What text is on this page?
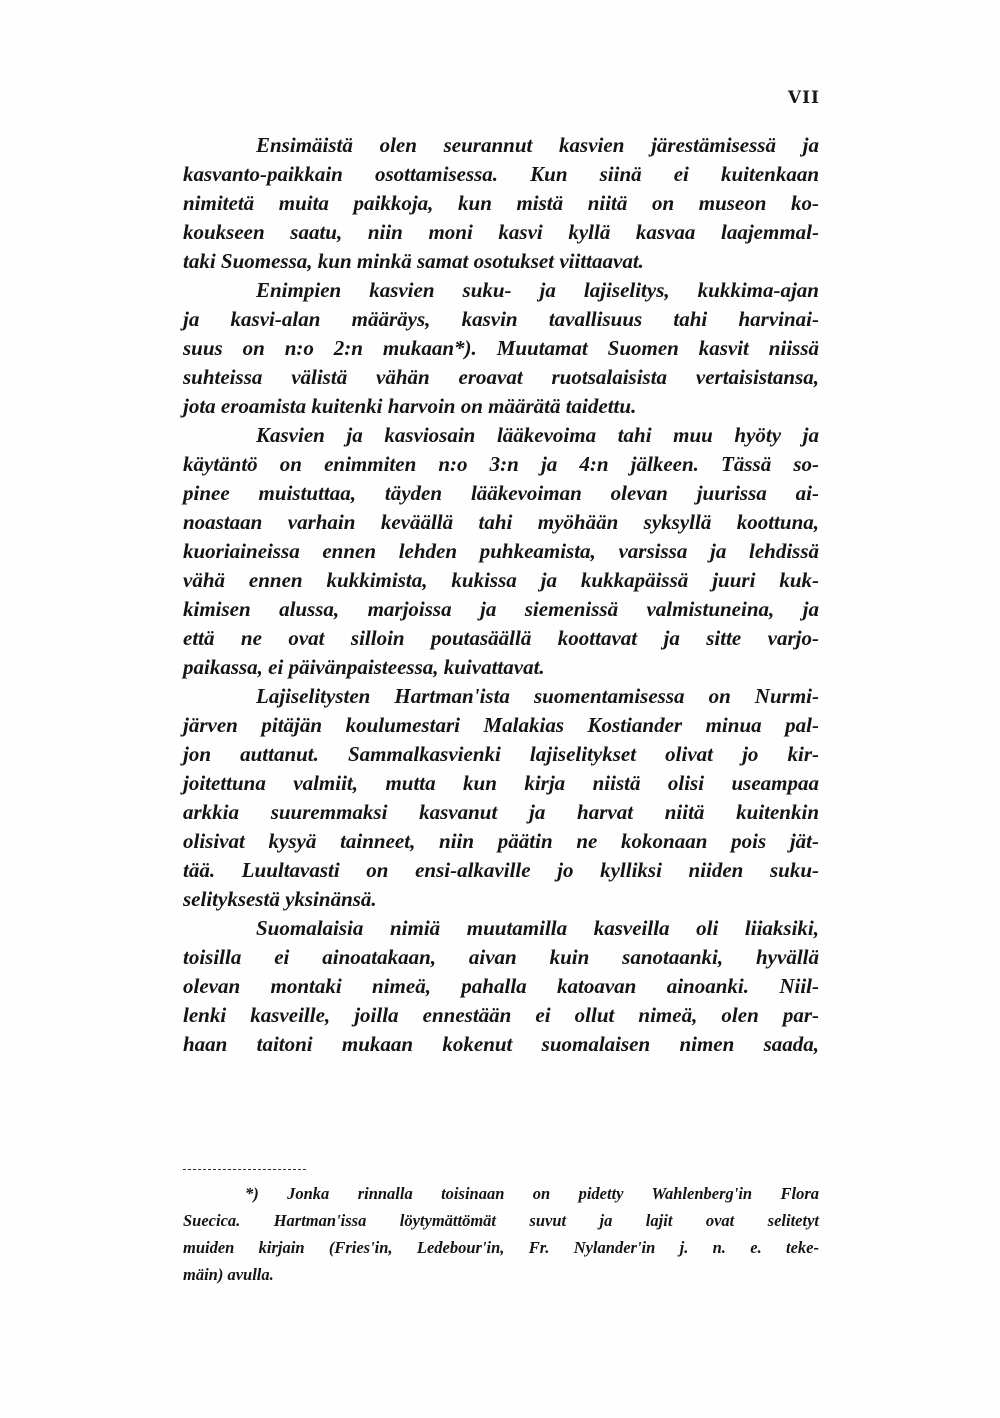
VII
Ensimäistä olen seurannut kasvien järestämisessä ja
kasvanto-paikkain osottamisessa. Kun siinä ei kuitenkaan
nimitetä muita paikkoja, kun mistä niitä on museon ko-
koukseen saatu, niin moni kasvi kyllä kasvaa laajemmal-
taki Suomessa, kun minkä samat osotukset viittaavat.
Enimpien kasvien suku- ja lajiselitys, kukkima-ajan
ja kasvi-alan määräys, kasvin tavallisuus tahi harvinai-
suus on n:o 2:n mukaan*). Muutamat Suomen kasvit niissä
suhteissa välistä vähän eroavat ruotsalaisista vertaisistansa,
jota eroamista kuitenki harvoin on määrätä taidettu.
Kasvien ja kasviosain lääkevoima tahi muu hyöty ja
käytäntö on enimmiten n:o 3:n ja 4:n jälkeen. Tässä so-
pinee muistuttaa, täyden lääkevoiman olevan juurissa ai-
noastaan varhain keväällä tahi myöhään syksyllä koottuna,
kuoriaineissa ennen lehden puhkeamista, varsissa ja lehdissä
vähä ennen kukkimista, kukissa ja kukkapäissä juuri kuk-
kimisen alussa, marjoissa ja siemenissä valmistuneina, ja
että ne ovat silloin poutasäällä koottavat ja sitte varjo-
paikassa, ei päivänpaisteessa, kuivattavat.
Lajiselitysten Hartman'ista suomentamisessa on Nurmi-
järven pitäjän koulumestari Malakias Kostiander minua pal-
jon auttanut. Sammalkasvienki lajiselitykset olivat jo kir-
joitettuna valmiit, mutta kun kirja niistä olisi useampaa
arkkia suuremmaksi kasvanut ja harvat niitä kuitenkin
olisivat kysyä tainneet, niin päätin ne kokonaan pois jät-
tää. Luultavasti on ensi-alkaville jo kylliksi niiden suku-
selityksestä yksinänsä.
Suomalaisia nimiä muutamilla kasveilla oli liiaksiki,
toisilla ei ainoatakaan, aivan kuin sanotaanki, hyvällä
olevan montaki nimeä, pahalla katoavan ainoanki. Niil-
lenki kasveille, joilla ennestään ei ollut nimeä, olen par-
haan taitoni mukaan kokenut suomalaisen nimen saada,
*) Jonka rinnalla toisinaan on pidetty Wahlenberg'in Flora
Suecica. Hartman'issa löytymättömät suvut ja lajit ovat selitetyt
muiden kirjain (Fries'in, Ledebour'in, Fr. Nylander'in j. n. e. teke-
mäin) avulla.
